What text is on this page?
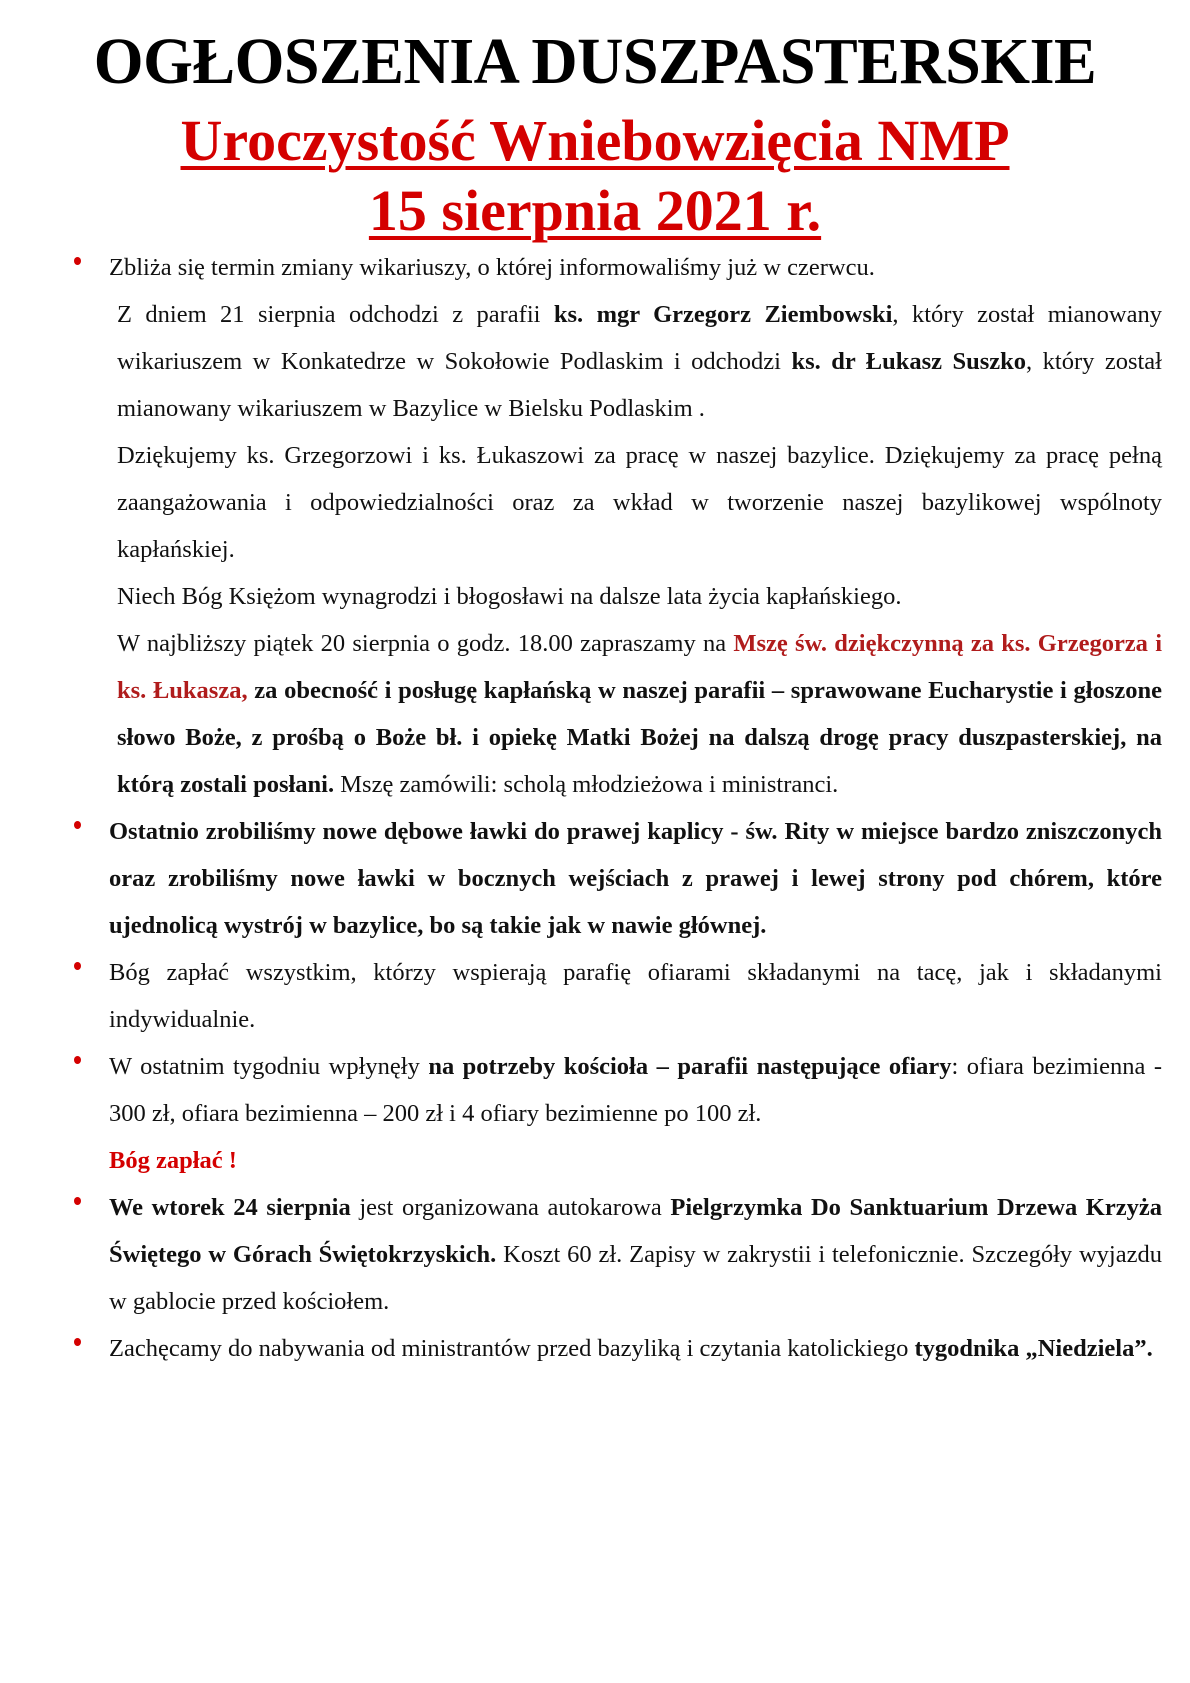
OGŁOSZENIA DUSZPASTERSKIE
Uroczystość Wniebowzięcia NMP
15 sierpnia 2021 r.

Zbliża się termin zmiany wikariuszy, o której informowaliśmy już w czerwcu.

Z dniem 21 sierpnia odchodzi z parafii ks. mgr Grzegorz Ziembowski, który został mianowany wikariuszem w Konkatedrze w Sokołowie Podlaskim i odchodzi ks. dr Łukasz Suszko, który został mianowany wikariuszem w Bazylice w Bielsku Podlaskim .

Dziękujemy ks. Grzegorzowi i ks. Łukaszowi za pracę w naszej bazylice. Dziękujemy za pracę pełną zaangażowania i odpowiedzialności oraz za wkład w tworzenie naszej bazylikowej wspólnoty kapłańskiej.

Niech Bóg Księżom wynagrodzi i błogosławi na dalsze lata życia kapłańskiego.

W najbliższy piątek 20 sierpnia o godz. 18.00 zapraszamy na Mszę św. dziękczynną za ks. Grzegorza i ks. Łukasza, za obecność i posługę kapłańską w naszej parafii – sprawowane Eucharystie i głoszone słowo Boże, z prośbą o Boże bł. i opiekę Matki Bożej na dalszą drogę pracy duszpasterskiej, na którą zostali posłani. Mszę zamówili: scholą młodzieżowa i ministranci.

Ostatnio zrobiliśmy nowe dębowe ławki do prawej kaplicy - św. Rity w miejsce bardzo zniszczonych oraz zrobiliśmy nowe ławki w bocznych wejściach z prawej i lewej strony pod chórem, które ujednolicą wystrój w bazylice, bo są takie jak w nawie głównej.

Bóg zapłać wszystkim, którzy wspierają parafię ofiarami składanymi na tacę, jak i składanymi indywidualnie.

W ostatnim tygodniu wpłynęły na potrzeby kościoła – parafii następujące ofiary: ofiara bezimienna - 300 zł, ofiara bezimienna – 200 zł i 4 ofiary bezimienne po 100 zł.

Bóg zapłać !

We wtorek 24 sierpnia jest organizowana autokarowa Pielgrzymka Do Sanktuarium Drzewa Krzyża Świętego w Górach Świętokrzyskich. Koszt 60 zł. Zapisy w zakrystii i telefonicznie. Szczegóły wyjazdu w gablocie przed kościołem.

Zachęcamy do nabywania od ministrantów przed bazyliką i czytania katolickiego tygodnika „Niedziela”.
